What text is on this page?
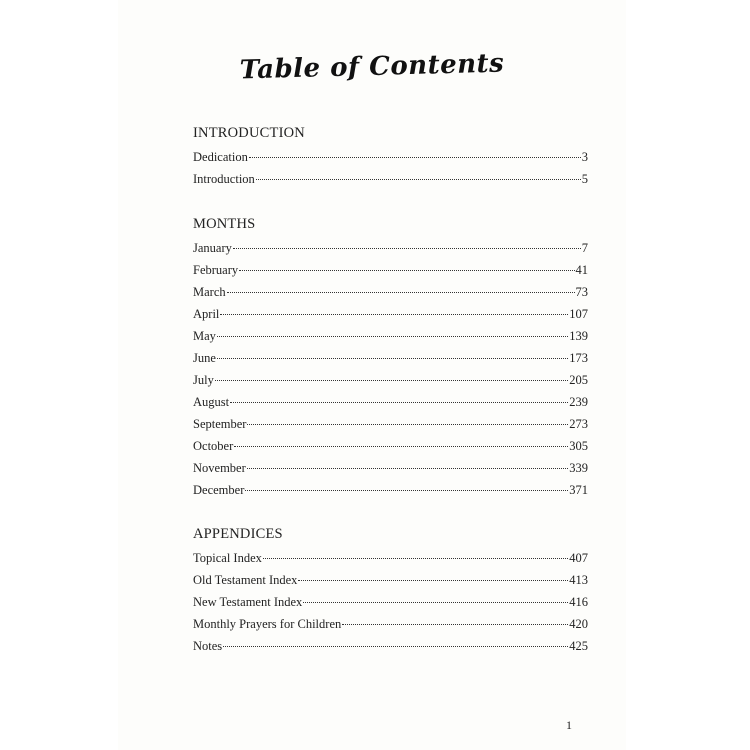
Table of Contents
INTRODUCTION
Dedication	3
Introduction	5
MONTHS
January	7
February	41
March	73
April	107
May	139
June	173
July	205
August	239
September	273
October	305
November	339
December	371
APPENDICES
Topical Index	407
Old Testament Index	413
New Testament Index	416
Monthly Prayers for Children	420
Notes	425
1
